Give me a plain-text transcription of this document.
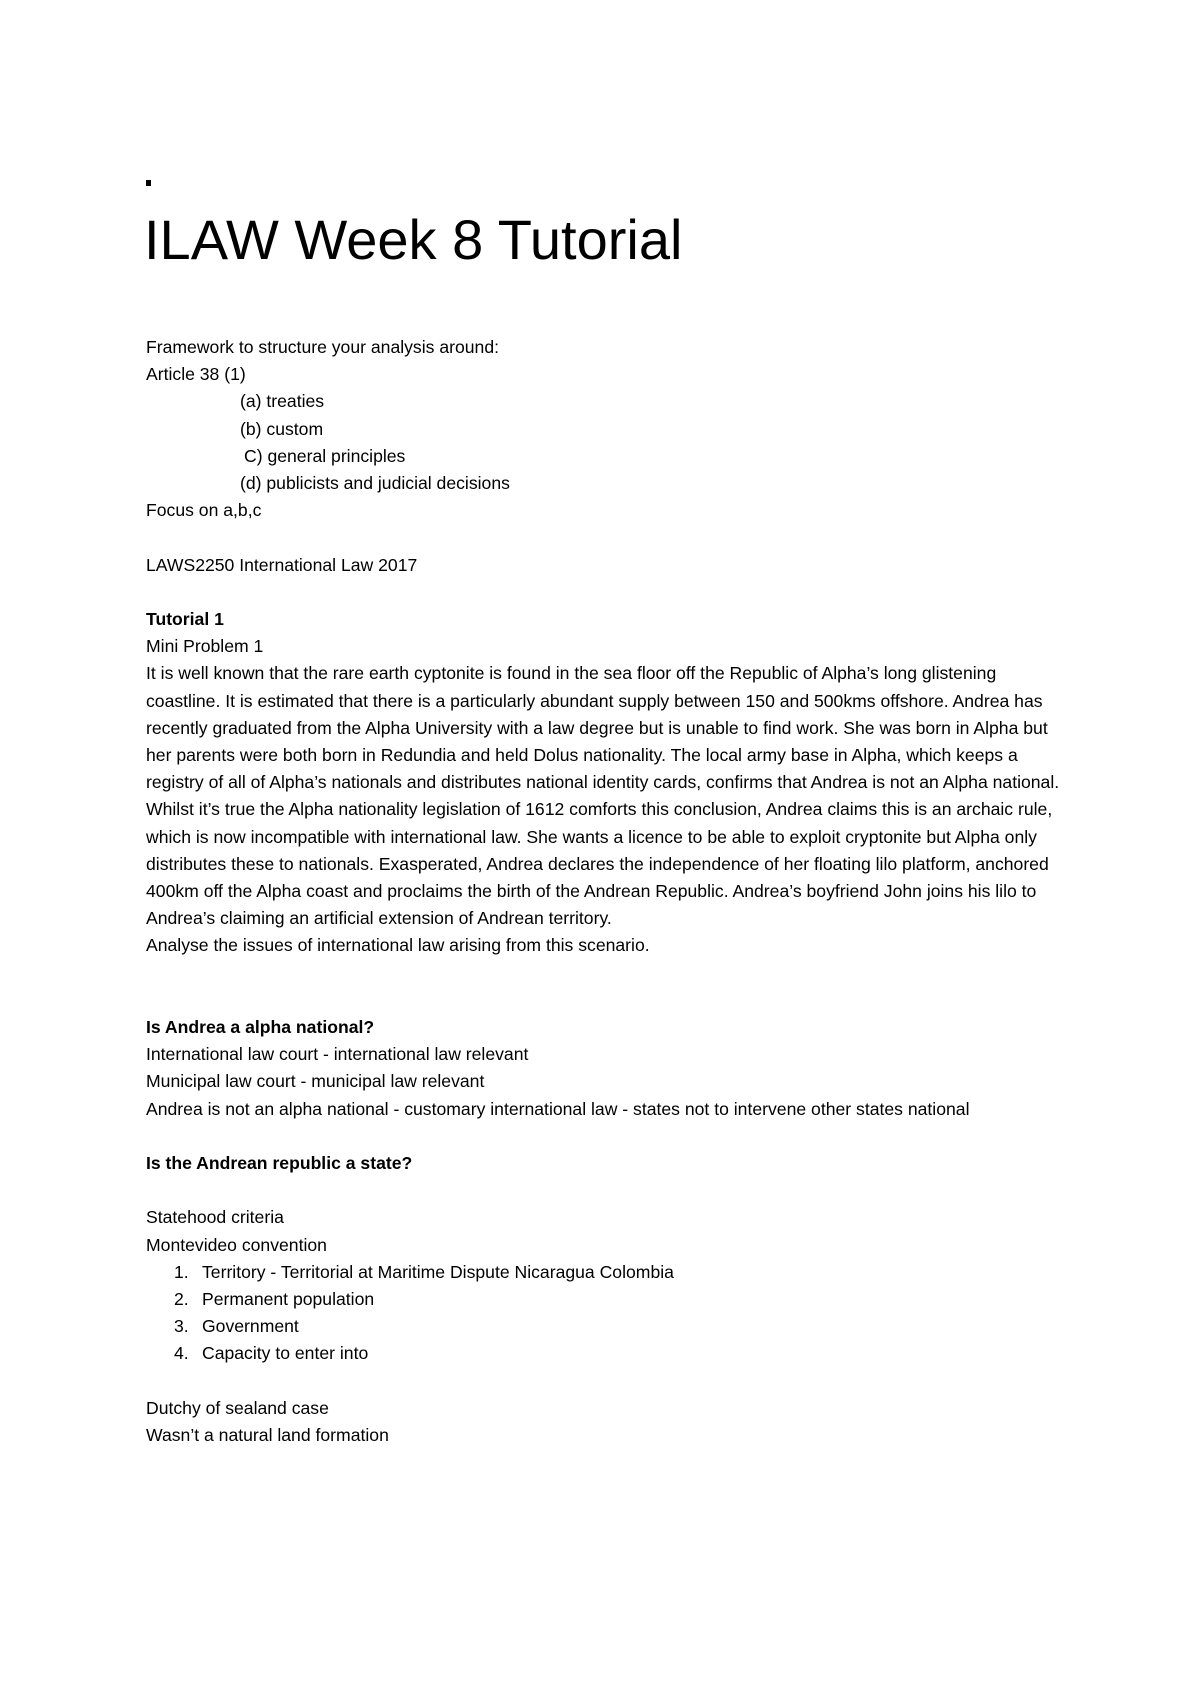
ILAW Week 8 Tutorial
Framework to structure your analysis around:
Article 38 (1)
(a) treaties
(b) custom
C) general principles
(d) publicists and judicial decisions
Focus on a,b,c
LAWS2250 International Law 2017
Tutorial 1
Mini Problem 1
It is well known that the rare earth cyptonite is found in the sea floor off the Republic of Alpha’s long glistening coastline. It is estimated that there is a particularly abundant supply between 150 and 500kms offshore. Andrea has recently graduated from the Alpha University with a law degree but is unable to find work. She was born in Alpha but her parents were both born in Redundia and held Dolus nationality. The local army base in Alpha, which keeps a registry of all of Alpha’s nationals and distributes national identity cards, confirms that Andrea is not an Alpha national. Whilst it’s true the Alpha nationality legislation of 1612 comforts this conclusion, Andrea claims this is an archaic rule, which is now incompatible with international law. She wants a licence to be able to exploit cryptonite but Alpha only distributes these to nationals. Exasperated, Andrea declares the independence of her floating lilo platform, anchored 400km off the Alpha coast and proclaims the birth of the Andrean Republic. Andrea’s boyfriend John joins his lilo to Andrea’s claiming an artificial extension of Andrean territory.
Analyse the issues of international law arising from this scenario.
Is Andrea a alpha national?
International law court - international law relevant
Municipal law court - municipal law relevant
Andrea is not an alpha national - customary international law - states not to intervene other states national
Is the Andrean republic a state?
Statehood criteria
Montevideo convention
1. Territory - Territorial at Maritime Dispute Nicaragua Colombia
2. Permanent population
3. Government
4. Capacity to enter into
Dutchy of sealand case
Wasn’t a natural land formation
